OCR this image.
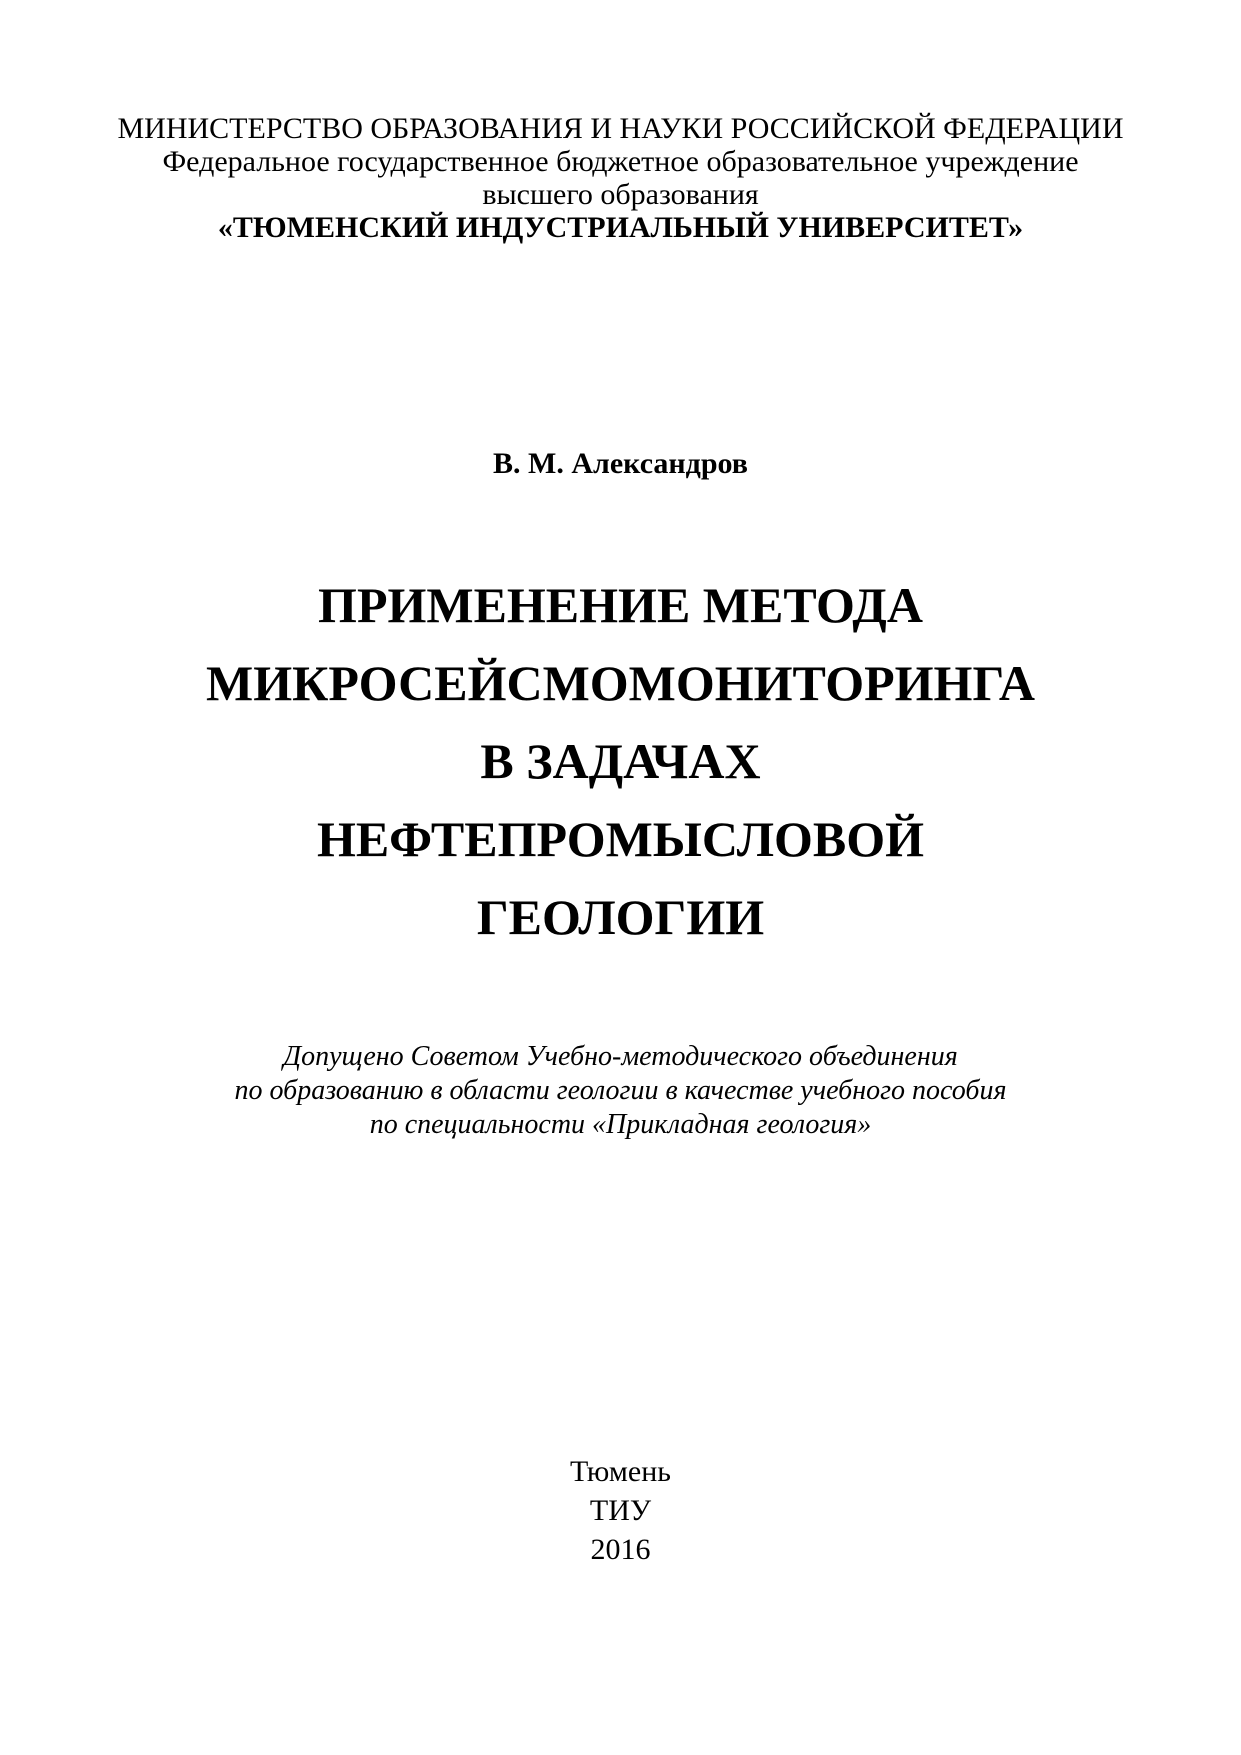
МИНИСТЕРСТВО ОБРАЗОВАНИЯ И НАУКИ РОССИЙСКОЙ ФЕДЕРАЦИИ
Федеральное государственное бюджетное образовательное учреждение
высшего образования
«ТЮМЕНСКИЙ ИНДУСТРИАЛЬНЫЙ УНИВЕРСИТЕТ»
В. М. Александров
ПРИМЕНЕНИЕ МЕТОДА
МИКРОСЕЙСМОМОНИТОРИНГА
В ЗАДАЧАХ
НЕФТЕПРОМЫСЛОВОЙ
ГЕОЛОГИИ
Допущено Советом Учебно-методического объединения
по образованию в области геологии в качестве учебного пособия
по специальности «Прикладная геология»
Тюмень
ТИУ
2016
